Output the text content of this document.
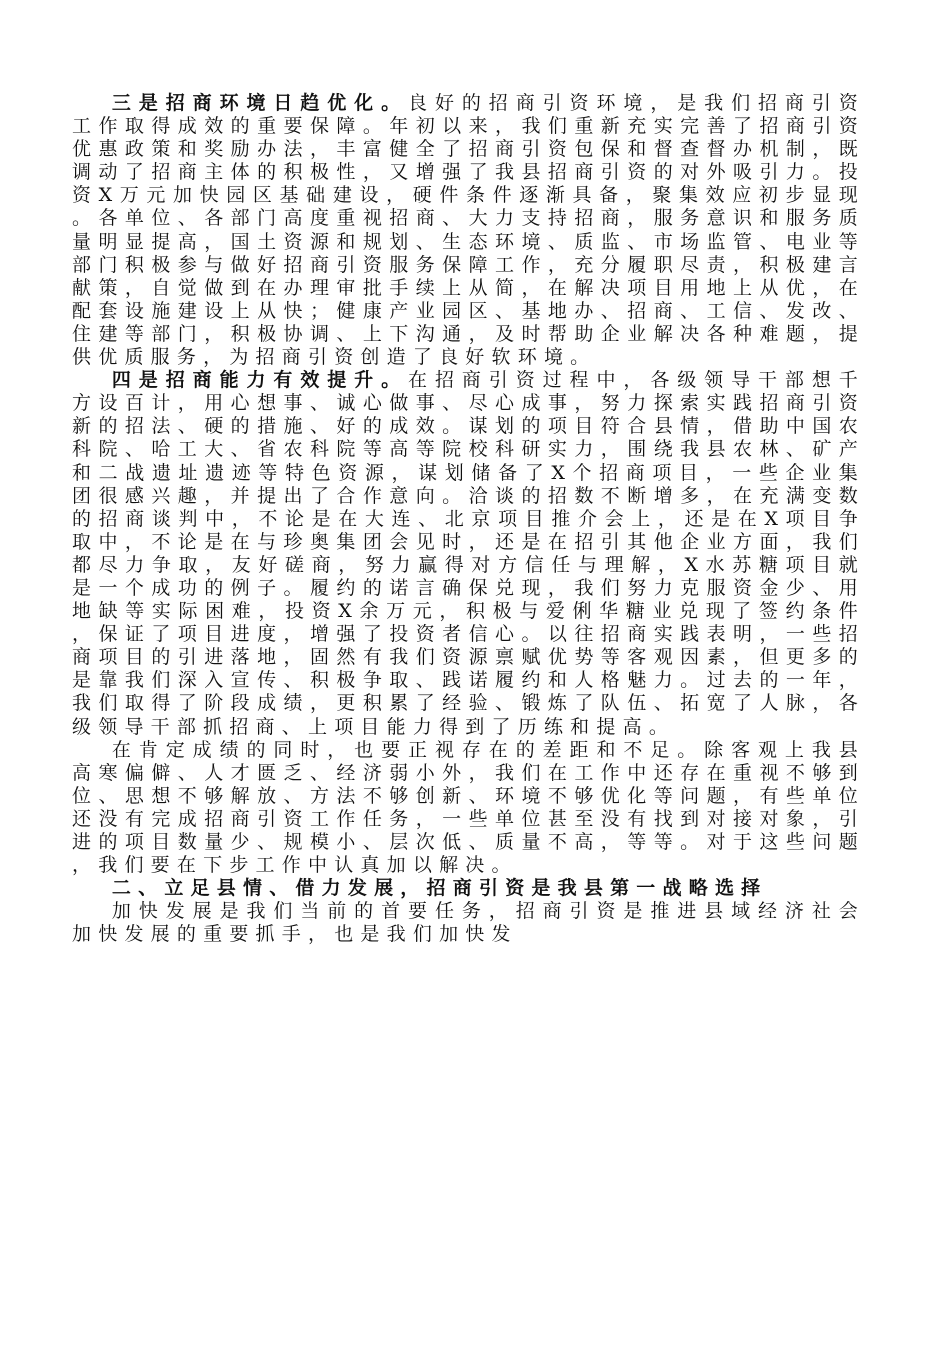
三是招商环境日趋优化。良好的招商引资环境，是我们招商引资工作取得成效的重要保障。年初以来，我们重新充实完善了招商引资优惠政策和奖励办法，丰富健全了招商引资包保和督查督办机制，既调动了招商主体的积极性，又增强了我县招商引资的对外吸引力。投资X万元加快园区基础建设，硬件条件逐渐具备，聚集效应初步显现。各单位、各部门高度重视招商、大力支持招商，服务意识和服务质量明显提高，国土资源和规划、生态环境、质监、市场监管、电业等部门积极参与做好招商引资服务保障工作，充分履职尽责，积极建言献策，自觉做到在办理审批手续上从简，在解决项目用地上从优，在配套设施建设上从快；健康产业园区、基地办、招商、工信、发改、住建等部门，积极协调、上下沟通，及时帮助企业解决各种难题，提供优质服务，为招商引资创造了良好软环境。

四是招商能力有效提升。在招商引资过程中，各级领导干部想千方设百计，用心想事、诚心做事、尽心成事，努力探索实践招商引资新的招法、硬的措施、好的成效。谋划的项目符合县情，借助中国农科院、哈工大、省农科院等高等院校科研实力，围绕我县农林、矿产和二战遗址遗迹等特色资源，谋划储备了X个招商项目，一些企业集团很感兴趣，并提出了合作意向。洽谈的招数不断增多，在充满变数的招商谈判中，不论是在大连、北京项目推介会上，还是在X项目争取中，不论是在与珍奥集团会见时，还是在招引其他企业方面，我们都尽力争取，友好磋商，努力赢得对方信任与理解，X水苏糖项目就是一个成功的例子。履约的诺言确保兑现，我们努力克服资金少、用地缺等实际困难，投资X余万元，积极与爱俐华糖业兑现了签约条件，保证了项目进度，增强了投资者信心。以往招商实践表明，一些招商项目的引进落地，固然有我们资源禀赋优势等客观因素，但更多的是靠我们深入宣传、积极争取、践诺履约和人格魅力。过去的一年，我们取得了阶段成绩，更积累了经验、锻炼了队伍、拓宽了人脉，各级领导干部抓招商、上项目能力得到了历练和提高。

在肯定成绩的同时，也要正视存在的差距和不足。除客观上我县高寒偏僻、人才匮乏、经济弱小外，我们在工作中还存在重视不够到位、思想不够解放、方法不够创新、环境不够优化等问题，有些单位还没有完成招商引资工作任务，一些单位甚至没有找到对接对象，引进的项目数量少、规模小、层次低、质量不高，等等。对于这些问题，我们要在下步工作中认真加以解决。

二、立足县情、借力发展，招商引资是我县第一战略选择

加快发展是我们当前的首要任务，招商引资是推进县域经济社会加快发展的重要抓手，也是我们加快发
